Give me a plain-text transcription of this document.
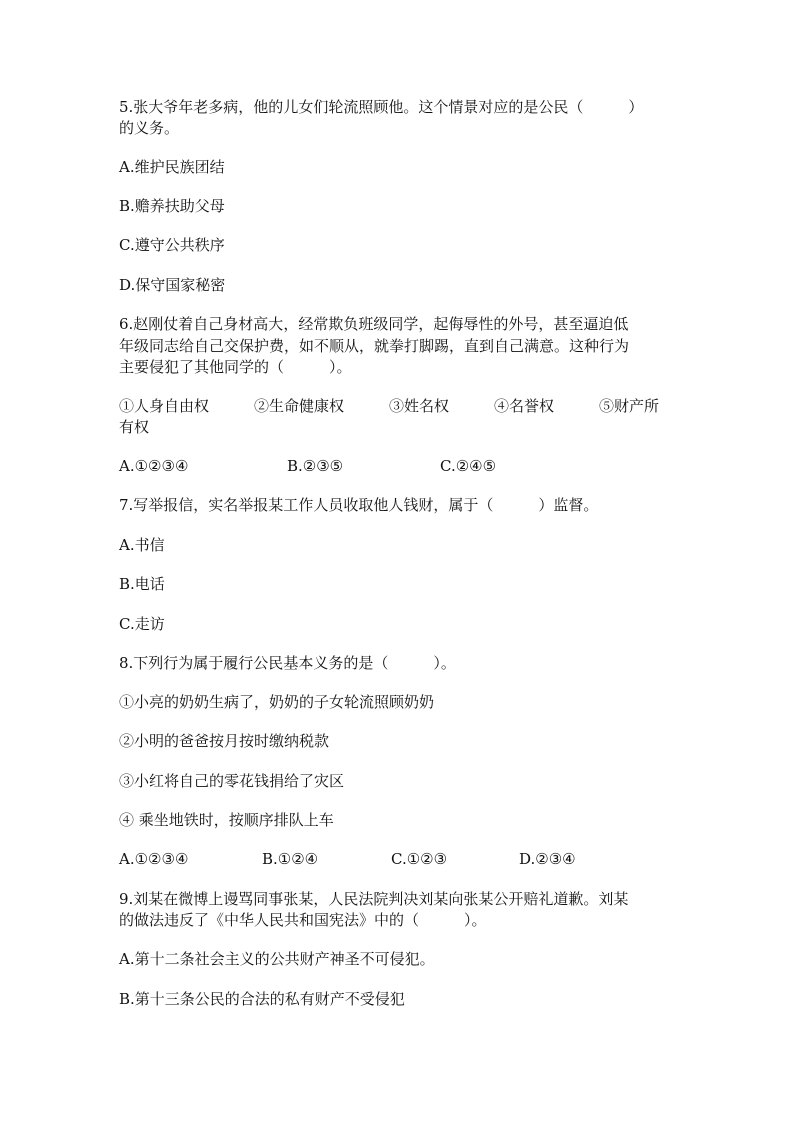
5.张大爷年老多病，他的儿女们轮流照顾他。这个情景对应的是公民（　　　）

的义务。

A.维护民族团结

B.赡养扶助父母

C.遵守公共秩序

D.保守国家秘密

6.赵刚仗着自己身材高大，经常欺负班级同学，起侮辱性的外号，甚至逼迫低

年级同志给自己交保护费，如不顺从，就拳打脚踢，直到自己满意。这种行为

主要侵犯了其他同学的（　　　）。

①人身自由权　　　②生命健康权　　　③姓名权　　　④名誉权　　　⑤财产所

有权

A.①②③④	B.②③⑤	C.②④⑤

7.写举报信，实名举报某工作人员收取他人钱财，属于（　　　）监督。

A.书信

B.电话

C.走访

8.下列行为属于履行公民基本义务的是（　　　）。

①小亮的奶奶生病了，奶奶的子女轮流照顾奶奶

②小明的爸爸按月按时缴纳税款

③小红将自己的零花钱捐给了灾区

④ 乘坐地铁时，按顺序排队上车

A.①②③④	B.①②④	C.①②③	D.②③④

9.刘某在微博上谩骂同事张某，人民法院判决刘某向张某公开赔礼道歉。刘某

的做法违反了《中华人民共和国宪法》中的（　　　）。

A.第十二条社会主义的公共财产神圣不可侵犯。

B.第十三条公民的合法的私有财产不受侵犯
